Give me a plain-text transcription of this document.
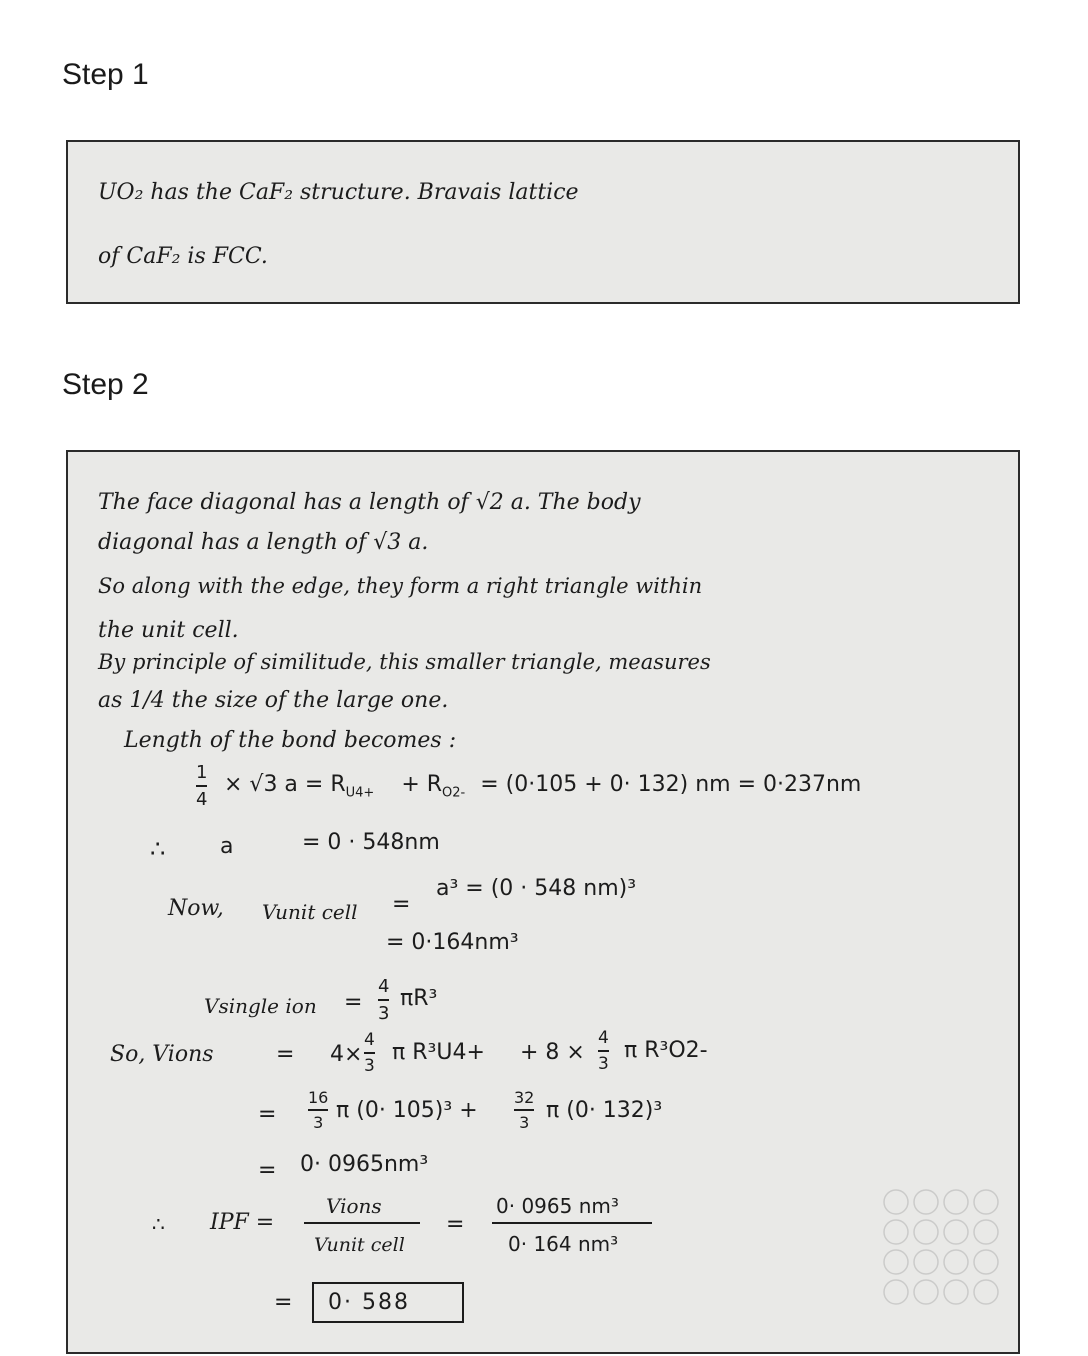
Step 1
UO₂ has the CaF₂ structure. Bravais lattice
of CaF₂ is FCC.
Step 2
The face diagonal has a length of √2 a. The body
diagonal has a length of √3 a.
So along with the edge, they form a right triangle within
the unit cell.
By principle of similitude, this smaller triangle, measures
as 1/4 the size of the large one.
Length of the bond becomes :
1
4
× √3 $a = R_{U4+} + R_{O2-} = (0\cdot 105 + 0\cdot 132)$ nm = 0·237nm
∴ a	= 0 · 548nm
Now, Vunit cell =
a³ = (0 · 548 nm)³
= 0·164nm³
Vsingle ion =
4
3
πR³
So, Vions	= 4×
4
3
π R³U4+ + 8 ×
4
3
π R³O2-
=
16
3 π (0· 105)³ +
32
3 π (0· 132)³
= 0· 0965nm³
∴ IPF =
Vions
Vunit cell
=
0· 0965 nm³
0· 164 nm³
=	0· 588
